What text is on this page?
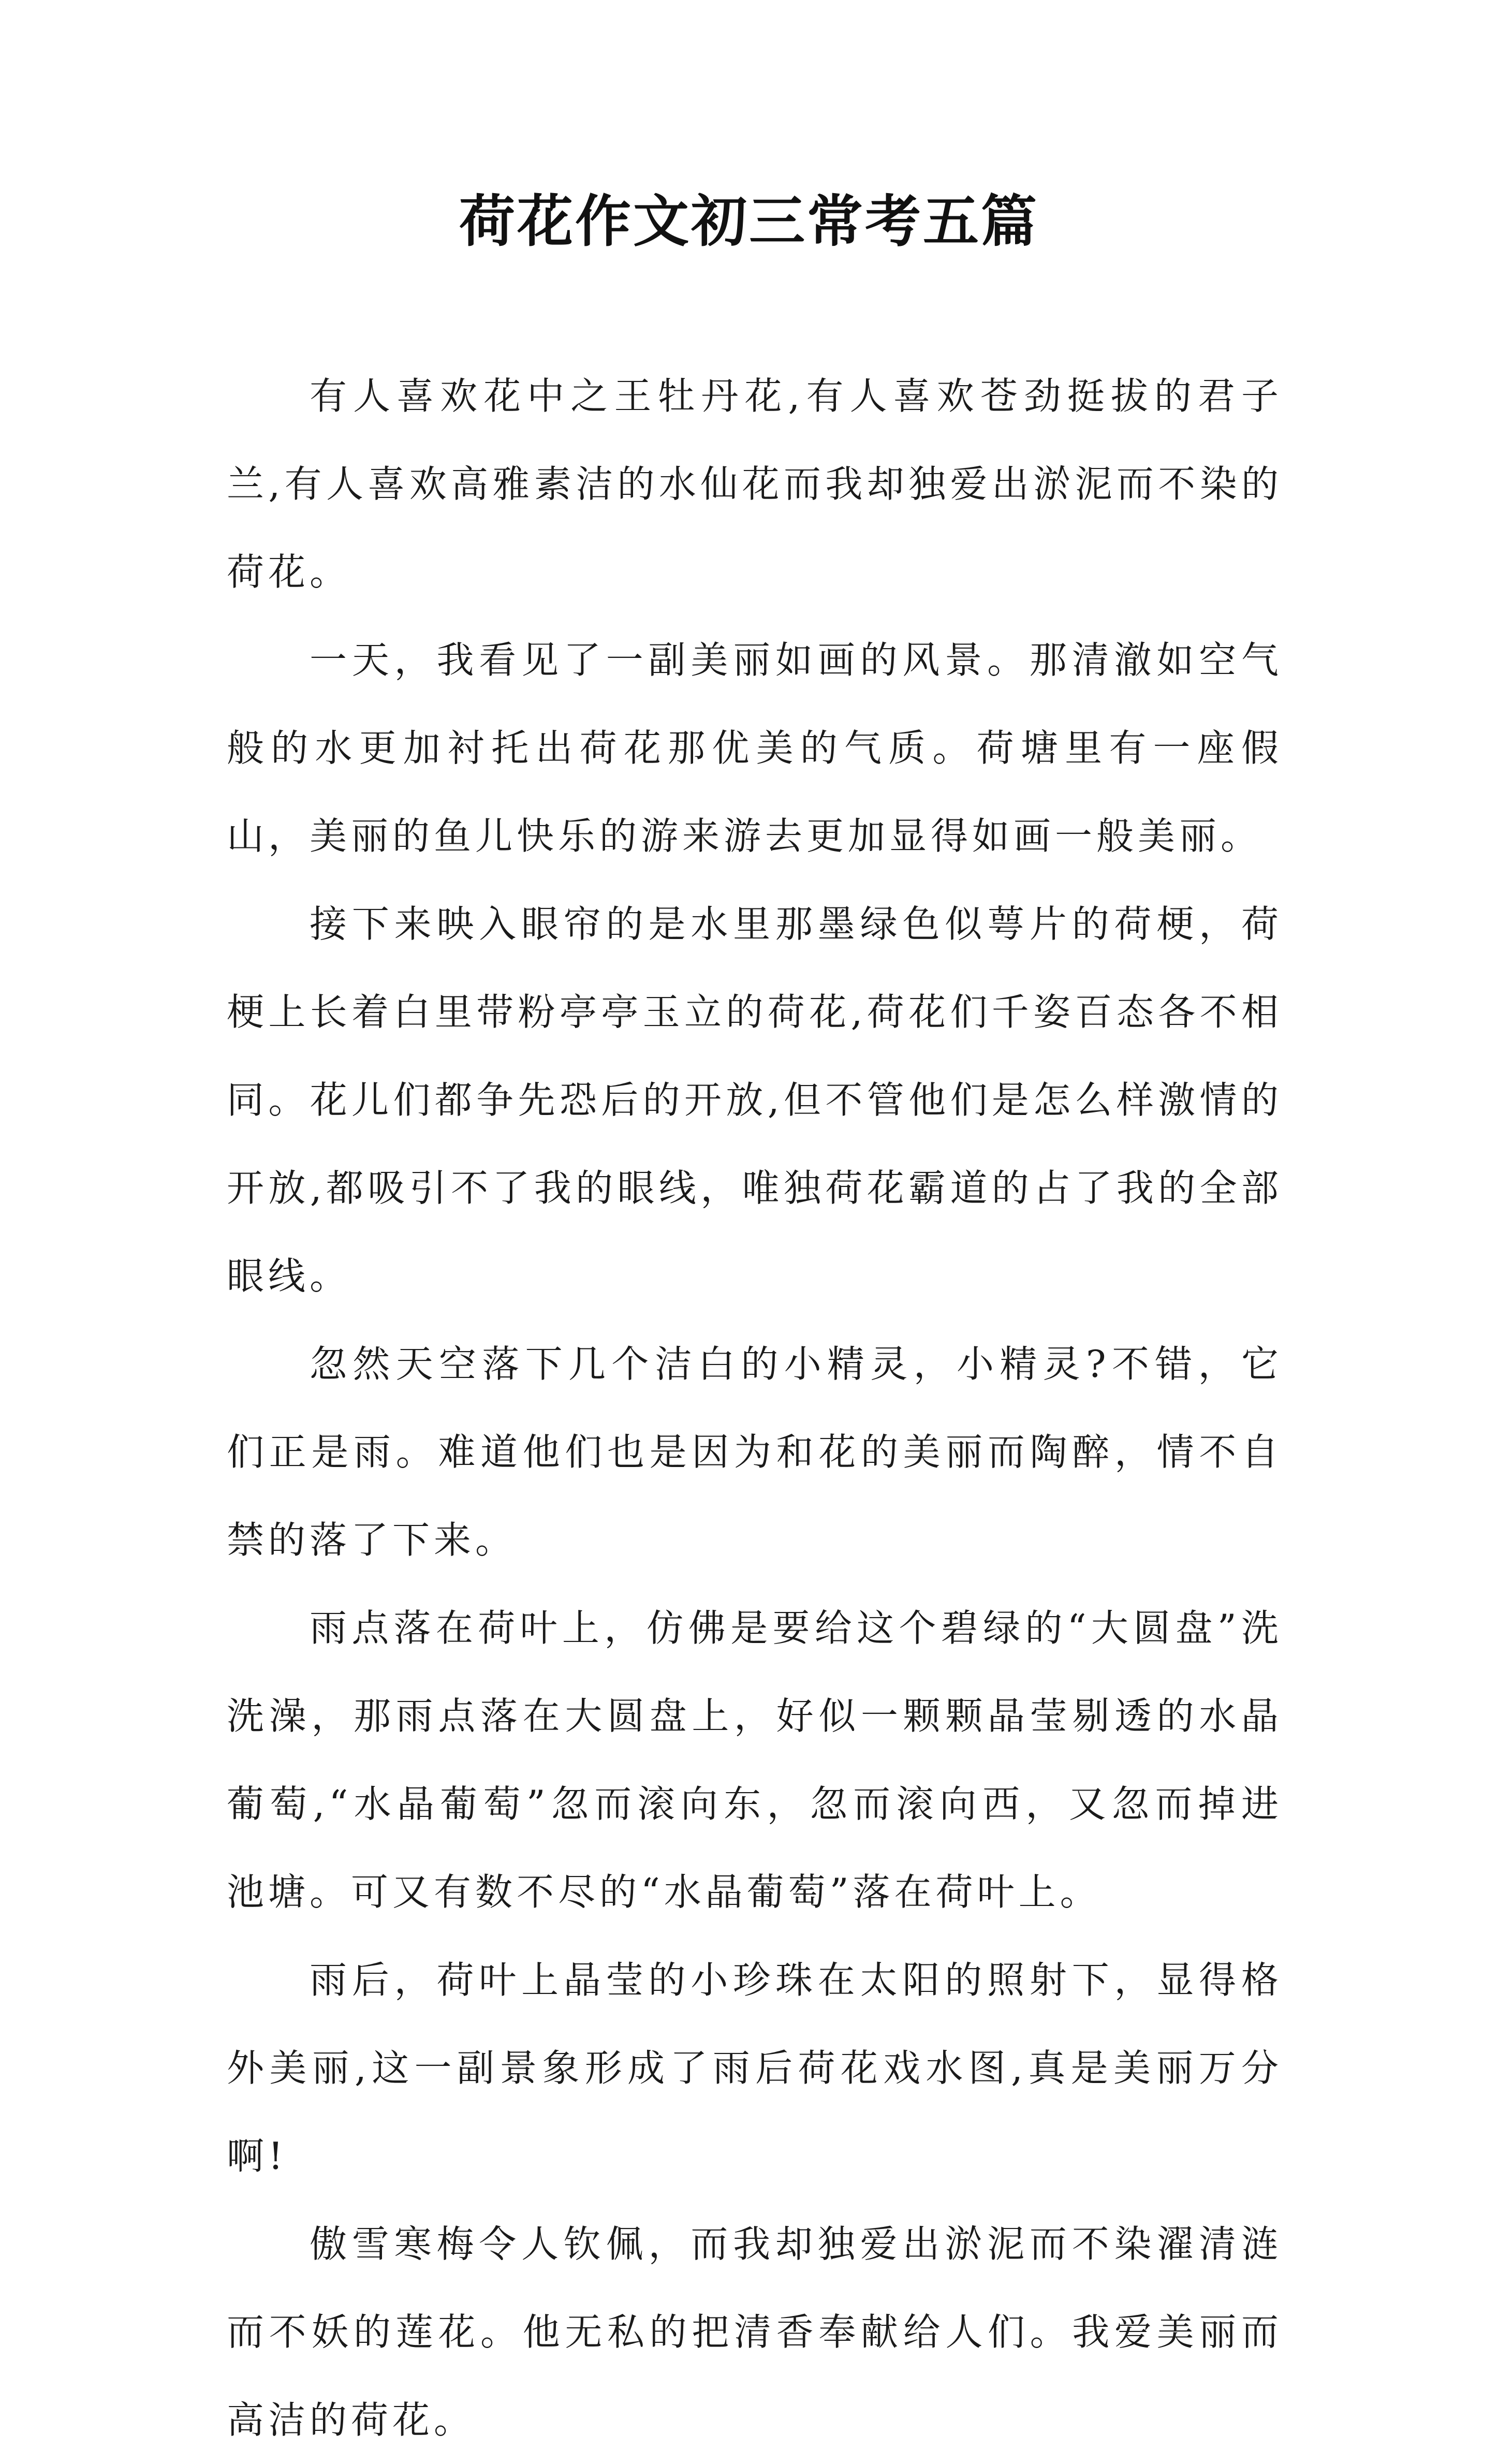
荷花作文初三常考五篇

有人喜欢花中之王牡丹花,有人喜欢苍劲挺拔的君子兰,有人喜欢高雅素洁的水仙花而我却独爱出淤泥而不染的荷花。

一天，我看见了一副美丽如画的风景。那清澈如空气般的水更加衬托出荷花那优美的气质。荷塘里有一座假山，美丽的鱼儿快乐的游来游去更加显得如画一般美丽。

接下来映入眼帘的是水里那墨绿色似萼片的荷梗，荷梗上长着白里带粉亭亭玉立的荷花,荷花们千姿百态各不相同。花儿们都争先恐后的开放,但不管他们是怎么样激情的开放,都吸引不了我的眼线，唯独荷花霸道的占了我的全部眼线。

忽然天空落下几个洁白的小精灵，小精灵?不错，它们正是雨。难道他们也是因为和花的美丽而陶醉，情不自禁的落了下来。

雨点落在荷叶上，仿佛是要给这个碧绿的“大圆盘”洗洗澡，那雨点落在大圆盘上，好似一颗颗晶莹剔透的水晶葡萄,“水晶葡萄”忽而滚向东，忽而滚向西，又忽而掉进池塘。可又有数不尽的“水晶葡萄”落在荷叶上。

雨后，荷叶上晶莹的小珍珠在太阳的照射下，显得格外美丽,这一副景象形成了雨后荷花戏水图,真是美丽万分啊!

傲雪寒梅令人钦佩，而我却独爱出淤泥而不染濯清涟而不妖的莲花。他无私的把清香奉献给人们。我爱美丽而高洁的荷花。
